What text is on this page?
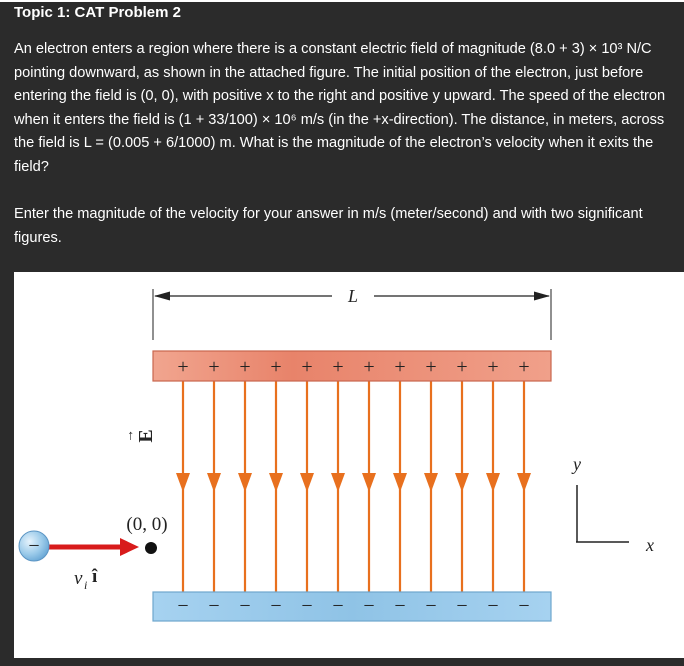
Topic 1: CAT Problem 2

An electron enters a region where there is a constant electric field of magnitude (8.0 + 3) × 10³ N/C pointing downward, as shown in the attached figure. The initial position of the electron, just before entering the field is (0, 0), with positive x to the right and positive y upward. The speed of the electron when it enters the field is (1 + 33/100) × 10⁶ m/s (in the +x-direction). The distance, in meters, across the field is L = (0.005 + 6/1000) m. What is the magnitude of the electron’s velocity when it exits the field?

Enter the magnitude of the velocity for your answer in m/s (meter/second) and with two significant figures.

L
+ + + + + + + + + + + +
− − − − − − − − − − − −
E
→
(0, 0)
−
v i î
y
x
